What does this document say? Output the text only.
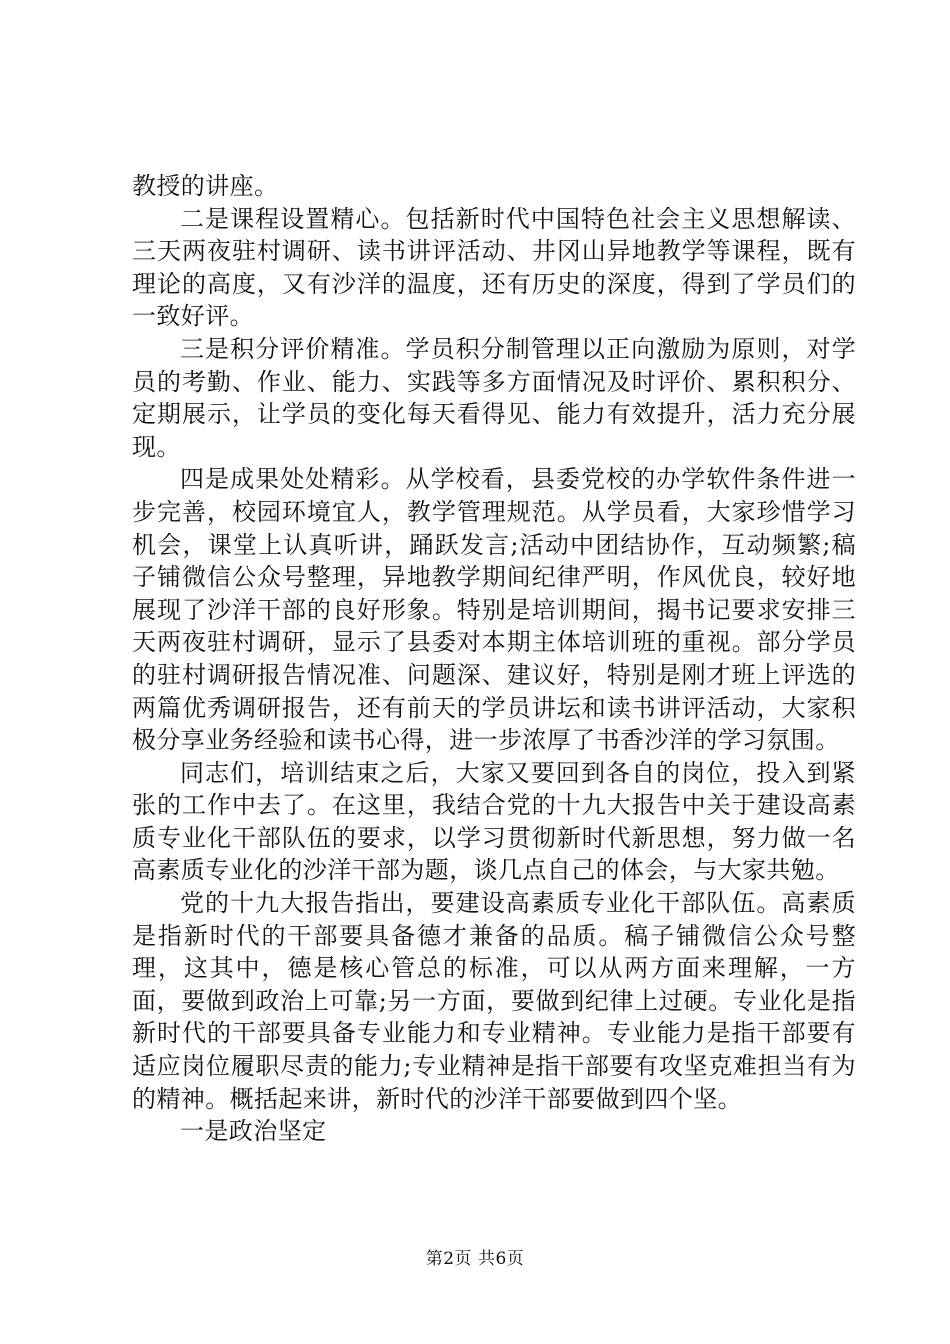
教授的讲座。

二是课程设置精心。包括新时代中国特色社会主义思想解读、三天两夜驻村调研、读书讲评活动、井冈山异地教学等课程，既有理论的高度，又有沙洋的温度，还有历史的深度，得到了学员们的一致好评。

三是积分评价精准。学员积分制管理以正向激励为原则，对学员的考勤、作业、能力、实践等多方面情况及时评价、累积积分、定期展示，让学员的变化每天看得见、能力有效提升，活力充分展现。

四是成果处处精彩。从学校看，县委党校的办学软件条件进一步完善，校园环境宜人，教学管理规范。从学员看，大家珍惜学习机会，课堂上认真听讲，踊跃发言;活动中团结协作，互动频繁;稿子铺微信公众号整理，异地教学期间纪律严明，作风优良，较好地展现了沙洋干部的良好形象。特别是培训期间，揭书记要求安排三天两夜驻村调研，显示了县委对本期主体培训班的重视。部分学员的驻村调研报告情况准、问题深、建议好，特别是刚才班上评选的两篇优秀调研报告，还有前天的学员讲坛和读书讲评活动，大家积极分享业务经验和读书心得，进一步浓厚了书香沙洋的学习氛围。

同志们，培训结束之后，大家又要回到各自的岗位，投入到紧张的工作中去了。在这里，我结合党的十九大报告中关于建设高素质专业化干部队伍的要求，以学习贯彻新时代新思想，努力做一名高素质专业化的沙洋干部为题，谈几点自己的体会，与大家共勉。

党的十九大报告指出，要建设高素质专业化干部队伍。高素质是指新时代的干部要具备德才兼备的品质。稿子铺微信公众号整理，这其中，德是核心管总的标准，可以从两方面来理解，一方面，要做到政治上可靠;另一方面，要做到纪律上过硬。专业化是指新时代的干部要具备专业能力和专业精神。专业能力是指干部要有适应岗位履职尽责的能力;专业精神是指干部要有攻坚克难担当有为的精神。概括起来讲，新时代的沙洋干部要做到四个坚。

一是政治坚定

第2页 共6页
